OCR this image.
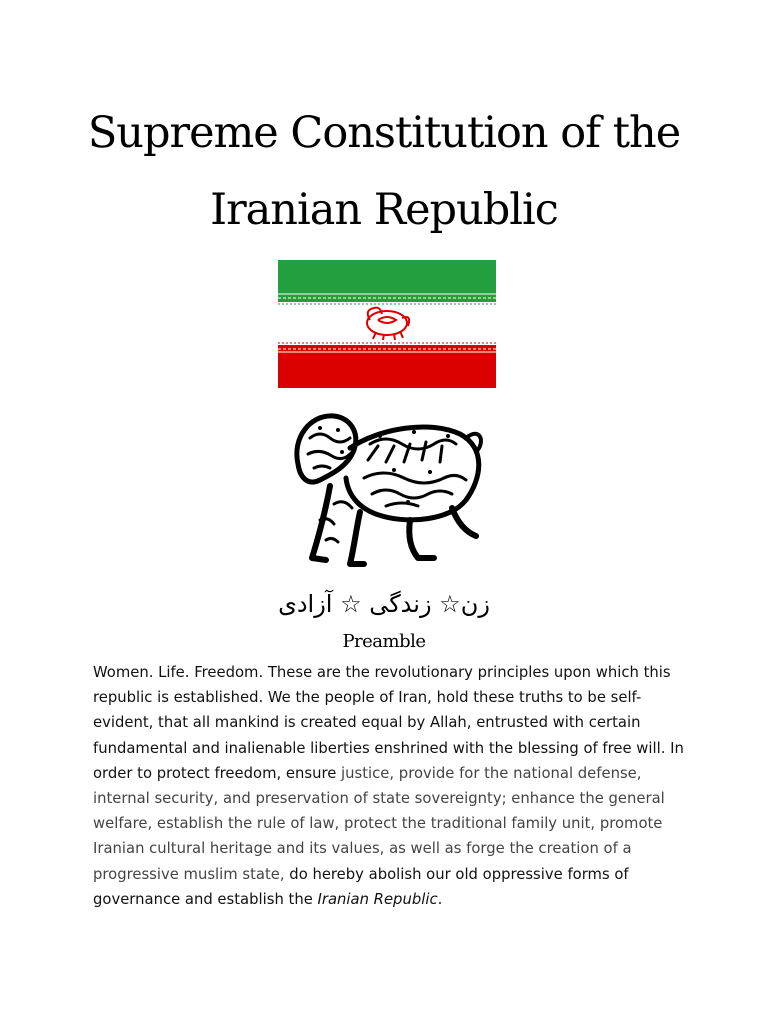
Supreme Constitution of the
Iranian Republic
زن☆ زندگی ☆ آزادی
Preamble

Women. Life. Freedom. These are the revolutionary principles upon which this republic is established. We the people of Iran, hold these truths to be self-evident, that all mankind is created equal by Allah, entrusted with certain fundamental and inalienable liberties enshrined with the blessing of free will. In order to protect freedom, ensure justice, provide for the national defense, internal security, and preservation of state sovereignty; enhance the general welfare, establish the rule of law, protect the traditional family unit, promote Iranian cultural heritage and its values, as well as forge the creation of a progressive muslim state, do hereby abolish our old oppressive forms of governance and establish the Iranian Republic.
